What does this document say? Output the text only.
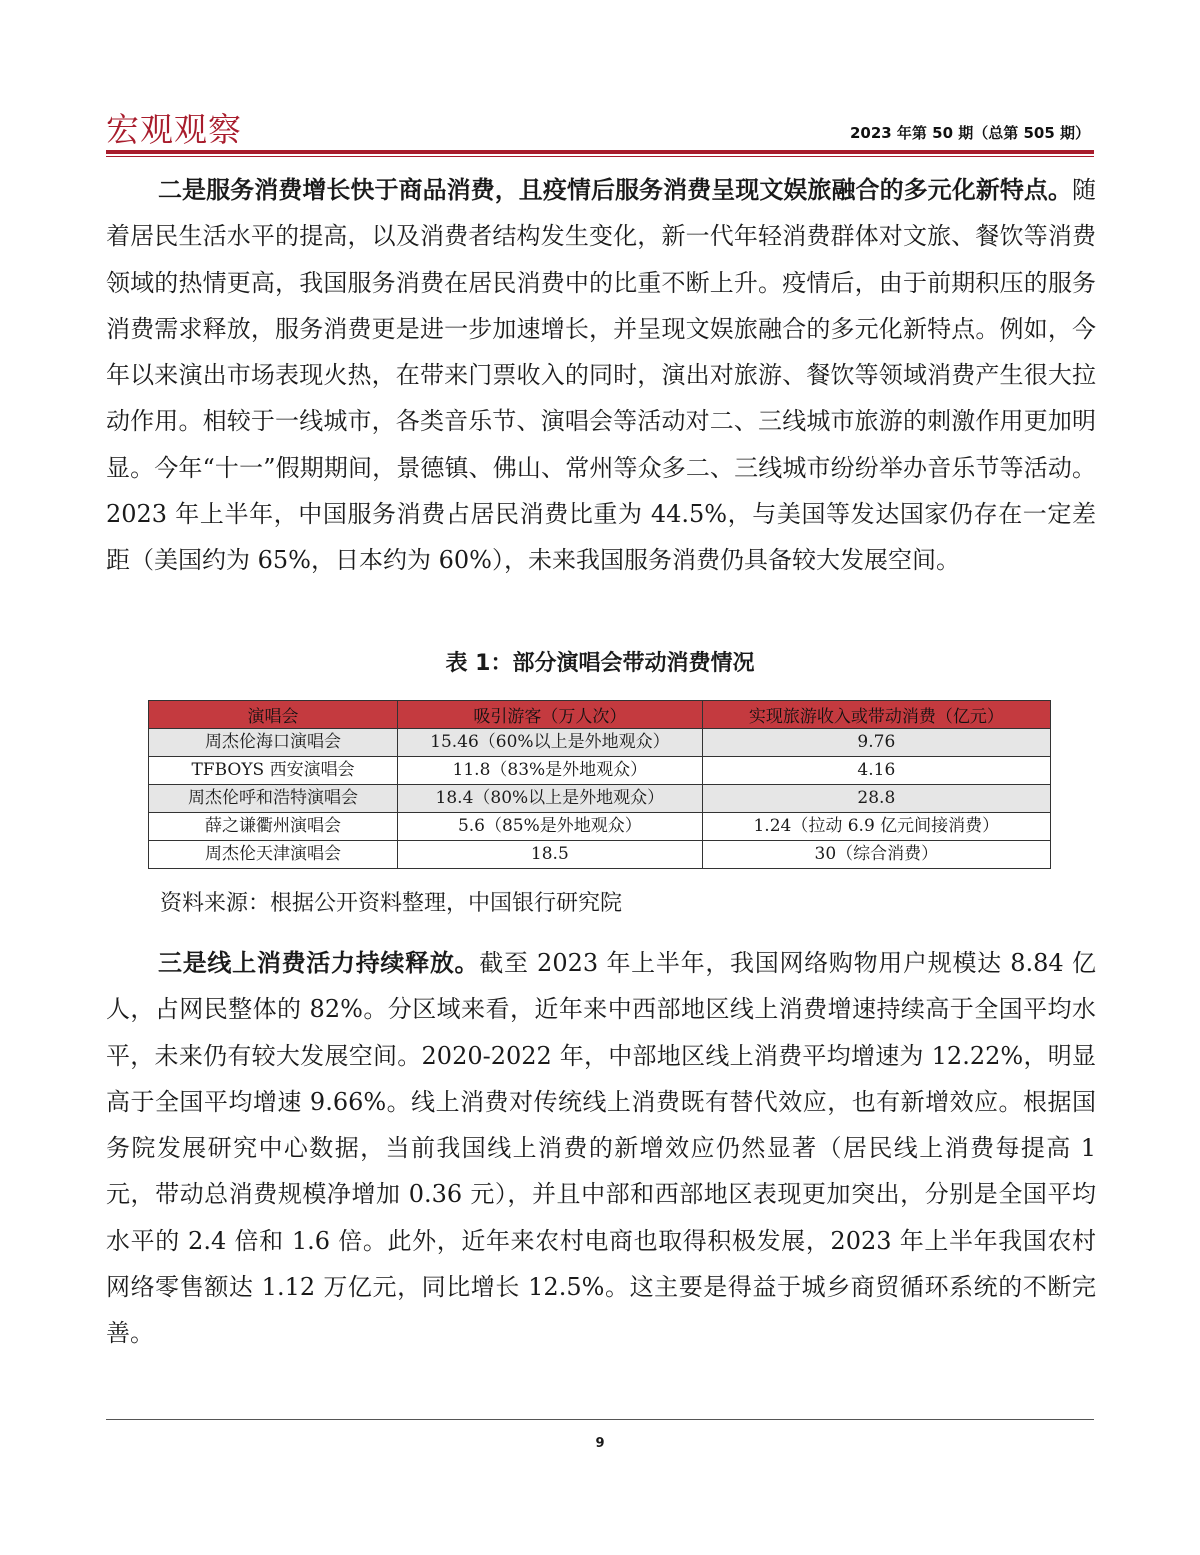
宏观观察	2023 年第 50 期（总第 505 期）

二是服务消费增长快于商品消费，且疫情后服务消费呈现文娱旅融合的多元化新特点。随着居民生活水平的提高，以及消费者结构发生变化，新一代年轻消费群体对文旅、餐饮等消费领域的热情更高，我国服务消费在居民消费中的比重不断上升。疫情后，由于前期积压的服务消费需求释放，服务消费更是进一步加速增长，并呈现文娱旅融合的多元化新特点。例如，今年以来演出市场表现火热，在带来门票收入的同时，演出对旅游、餐饮等领域消费产生很大拉动作用。相较于一线城市，各类音乐节、演唱会等活动对二、三线城市旅游的刺激作用更加明显。今年“十一”假期期间，景德镇、佛山、常州等众多二、三线城市纷纷举办音乐节等活动。2023 年上半年，中国服务消费占居民消费比重为 44.5%，与美国等发达国家仍存在一定差距（美国约为 65%，日本约为 60%），未来我国服务消费仍具备较大发展空间。

表 1：部分演唱会带动消费情况
演唱会	吸引游客（万人次）	实现旅游收入或带动消费（亿元）
周杰伦海口演唱会	15.46（60%以上是外地观众）	9.76
TFBOYS 西安演唱会	11.8（83%是外地观众）	4.16
周杰伦呼和浩特演唱会	18.4（80%以上是外地观众）	28.8
薛之谦衢州演唱会	5.6（85%是外地观众）	1.24（拉动 6.9 亿元间接消费）
周杰伦天津演唱会	18.5	30（综合消费）
资料来源：根据公开资料整理，中国银行研究院

三是线上消费活力持续释放。截至 2023 年上半年，我国网络购物用户规模达 8.84 亿人，占网民整体的 82%。分区域来看，近年来中西部地区线上消费增速持续高于全国平均水平，未来仍有较大发展空间。2020-2022 年，中部地区线上消费平均增速为 12.22%，明显高于全国平均增速 9.66%。线上消费对传统线上消费既有替代效应，也有新增效应。根据国务院发展研究中心数据，当前我国线上消费的新增效应仍然显著（居民线上消费每提高 1 元，带动总消费规模净增加 0.36 元），并且中部和西部地区表现更加突出，分别是全国平均水平的 2.4 倍和 1.6 倍。此外，近年来农村电商也取得积极发展，2023 年上半年我国农村网络零售额达 1.12 万亿元，同比增长 12.5%。这主要是得益于城乡商贸循环系统的不断完善。

9
